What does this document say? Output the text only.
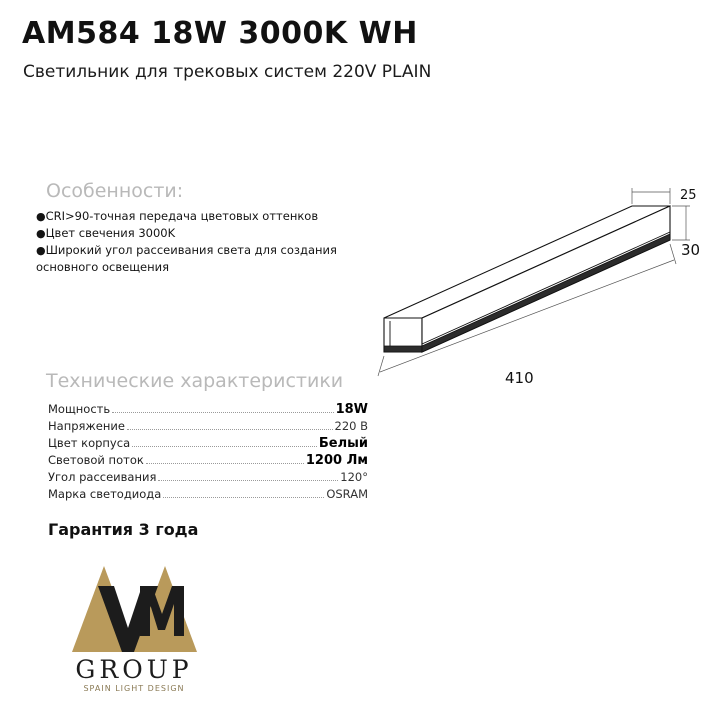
AM584 18W 3000K WH
Светильник для трековых систем 220V PLAIN
Особенности:
●CRI>90-точная передача цветовых оттенков
●Цвет свечения 3000K
●Широкий угол рассеивания света для создания основного освещения
Технические характеристики
Мощность	18W
Напряжение	220 В
Цвет корпуса	Белый
Световой поток	1200 Лм
Угол рассеивания	120°
Марка светодиода	OSRAM
Гарантия 3 года
25
30
410
GROUP
SPAIN LIGHT DESIGN
